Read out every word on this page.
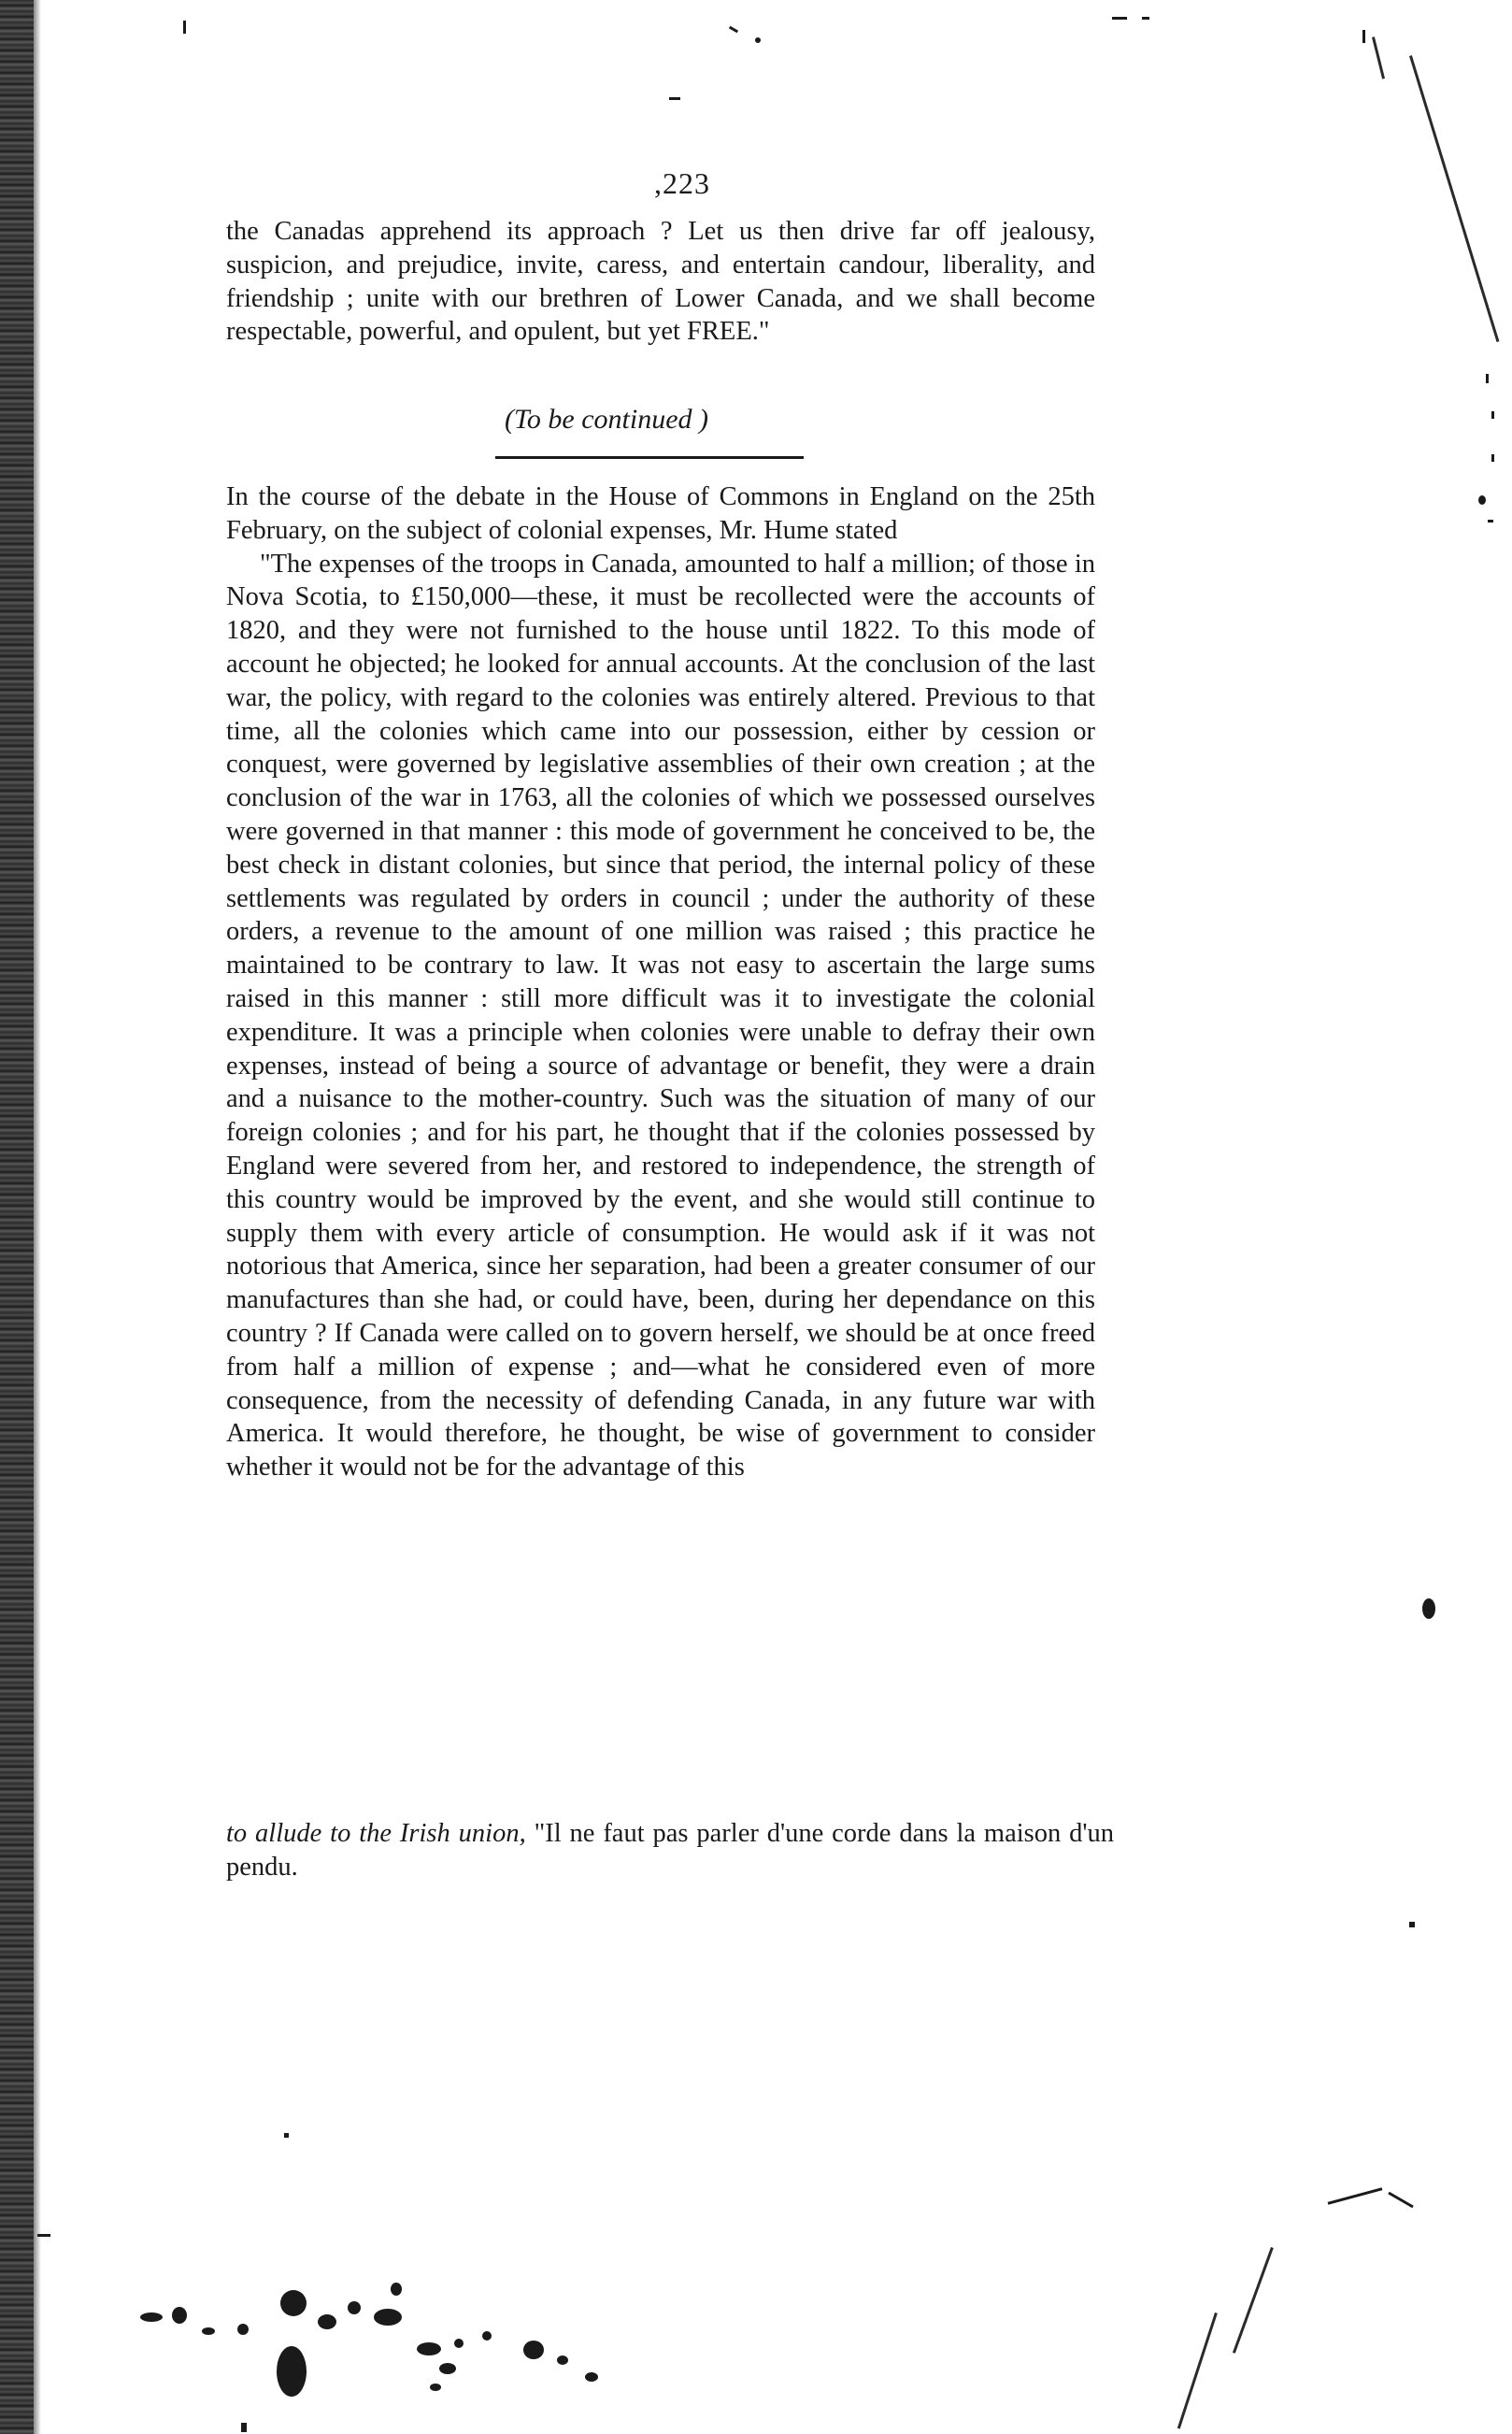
,223

the Canadas apprehend its approach ? Let us then drive far off jealousy, suspicion, and prejudice, invite, caress, and entertain candour, liberality, and friendship ; unite with our brethren of Lower Canada, and we shall become respectable, powerful, and opulent, but yet FREE."

(To be continued )

In the course of the debate in the House of Commons in England on the 25th February, on the subject of colonial expenses, Mr. Hume stated

"The expenses of the troops in Canada, amounted to half a million; of those in Nova Scotia, to £150,000—these, it must be recollected were the accounts of 1820, and they were not furnished to the house until 1822. To this mode of account he objected; he looked for annual accounts. At the conclusion of the last war, the policy, with regard to the colonies was entirely altered. Previous to that time, all the colonies which came into our possession, either by cession or conquest, were governed by legislative assemblies of their own creation ; at the conclusion of the war in 1763, all the colonies of which we possessed ourselves were governed in that manner : this mode of government he conceived to be, the best check in distant colonies, but since that period, the internal policy of these settlements was regulated by orders in council ; under the authority of these orders, a revenue to the amount of one million was raised ; this practice he maintained to be contrary to law. It was not easy to ascertain the large sums raised in this manner : still more difficult was it to investigate the colonial expenditure. It was a principle when colonies were unable to defray their own expenses, instead of being a source of advantage or benefit, they were a drain and a nuisance to the mother-country. Such was the situation of many of our foreign colonies ; and for his part, he thought that if the colonies possessed by England were severed from her, and restored to independence, the strength of this country would be improved by the event, and she would still continue to supply them with every article of consumption. He would ask if it was not notorious that America, since her separation, had been a greater consumer of our manufactures than she had, or could have, been, during her dependance on this country ? If Canada were called on to govern herself, we should be at once freed from half a million of expense ; and—what he considered even of more consequence, from the necessity of defending Canada, in any future war with America. It would therefore, he thought, be wise of government to consider whether it would not be for the advantage of this

to allude to the Irish union, "Il ne faut pas parler d'une corde dans la maison d'un pendu.
